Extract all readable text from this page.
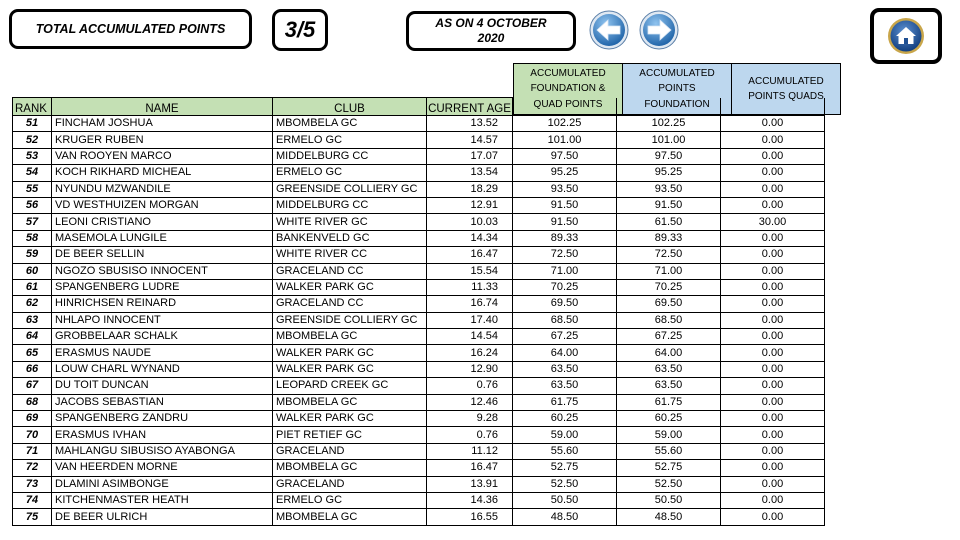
TOTAL ACCUMULATED POINTS	3/5	AS ON 4 OCTOBER
2020
ACCUMULATED FOUNDATION & QUAD POINTS	ACCUMULATED POINTS FOUNDATION	ACCUMULATED POINTS QUADS
RANK	NAME	CLUB	CURRENT AGE			
51	FINCHAM JOSHUA	MBOMBELA GC	13.52	102.25	102.25	0.00
52	KRUGER RUBEN	ERMELO GC	14.57	101.00	101.00	0.00
53	VAN ROOYEN MARCO	MIDDELBURG CC	17.07	97.50	97.50	0.00
54	KOCH RIKHARD MICHEAL	ERMELO GC	13.54	95.25	95.25	0.00
55	NYUNDU MZWANDILE	GREENSIDE COLLIERY GC	18.29	93.50	93.50	0.00
56	VD WESTHUIZEN MORGAN	MIDDELBURG CC	12.91	91.50	91.50	0.00
57	LEONI CRISTIANO	WHITE RIVER GC	10.03	91.50	61.50	30.00
58	MASEMOLA LUNGILE	BANKENVELD GC	14.34	89.33	89.33	0.00
59	DE BEER SELLIN	WHITE RIVER CC	16.47	72.50	72.50	0.00
60	NGOZO SBUSISO INNOCENT	GRACELAND CC	15.54	71.00	71.00	0.00
61	SPANGENBERG LUDRE	WALKER PARK GC	11.33	70.25	70.25	0.00
62	HINRICHSEN REINARD	GRACELAND CC	16.74	69.50	69.50	0.00
63	NHLAPO INNOCENT	GREENSIDE COLLIERY GC	17.40	68.50	68.50	0.00
64	GROBBELAAR SCHALK	MBOMBELA GC	14.54	67.25	67.25	0.00
65	ERASMUS NAUDE	WALKER PARK GC	16.24	64.00	64.00	0.00
66	LOUW CHARL WYNAND	WALKER PARK GC	12.90	63.50	63.50	0.00
67	DU TOIT DUNCAN	LEOPARD CREEK GC	0.76	63.50	63.50	0.00
68	JACOBS SEBASTIAN	MBOMBELA GC	12.46	61.75	61.75	0.00
69	SPANGENBERG ZANDRU	WALKER PARK GC	9.28	60.25	60.25	0.00
70	ERASMUS IVHAN	PIET RETIEF GC	0.76	59.00	59.00	0.00
71	MAHLANGU SIBUSISO AYABONGA	GRACELAND	11.12	55.60	55.60	0.00
72	VAN HEERDEN MORNE	MBOMBELA GC	16.47	52.75	52.75	0.00
73	DLAMINI ASIMBONGE	GRACELAND	13.91	52.50	52.50	0.00
74	KITCHENMASTER HEATH	ERMELO GC	14.36	50.50	50.50	0.00
75	DE BEER ULRICH	MBOMBELA GC	16.55	48.50	48.50	0.00
